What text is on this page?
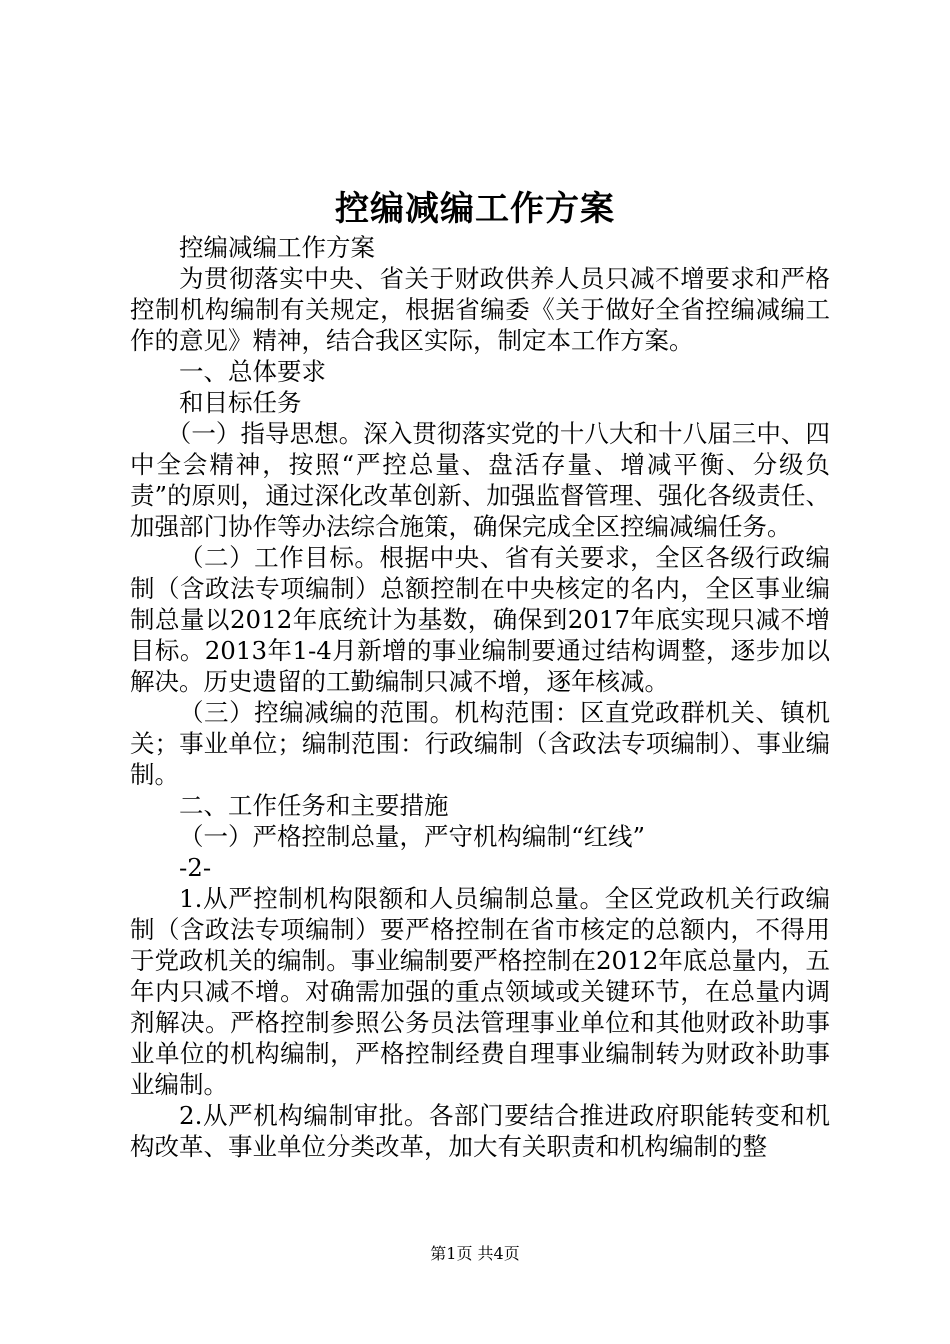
控编减编工作方案

控编减编工作方案

为贯彻落实中央、省关于财政供养人员只减不增要求和严格控制机构编制有关规定，根据省编委《关于做好全省控编减编工作的意见》精神，结合我区实际，制定本工作方案。

一、总体要求

和目标任务

（一）指导思想。深入贯彻落实党的十八大和十八届三中、四中全会精神，按照“严控总量、盘活存量、增减平衡、分级负责”的原则，通过深化改革创新、加强监督管理、强化各级责任、加强部门协作等办法综合施策，确保完成全区控编减编任务。

（二）工作目标。根据中央、省有关要求，全区各级行政编制（含政法专项编制）总额控制在中央核定的名内，全区事业编制总量以2012年底统计为基数，确保到2017年底实现只减不增目标。2013年1-4月新增的事业编制要通过结构调整，逐步加以解决。历史遗留的工勤编制只减不增，逐年核减。

（三）控编减编的范围。机构范围：区直党政群机关、镇机关；事业单位；编制范围：行政编制（含政法专项编制）、事业编制。

二、工作任务和主要措施

（一）严格控制总量，严守机构编制“红线”

-2-

1.从严控制机构限额和人员编制总量。全区党政机关行政编制（含政法专项编制）要严格控制在省市核定的总额内，不得用于党政机关的编制。事业编制要严格控制在2012年底总量内，五年内只减不增。对确需加强的重点领域或关键环节，在总量内调剂解决。严格控制参照公务员法管理事业单位和其他财政补助事业单位的机构编制，严格控制经费自理事业编制转为财政补助事业编制。

2.从严机构编制审批。各部门要结合推进政府职能转变和机构改革、事业单位分类改革，加大有关职责和机构编制的整

第1页 共4页
